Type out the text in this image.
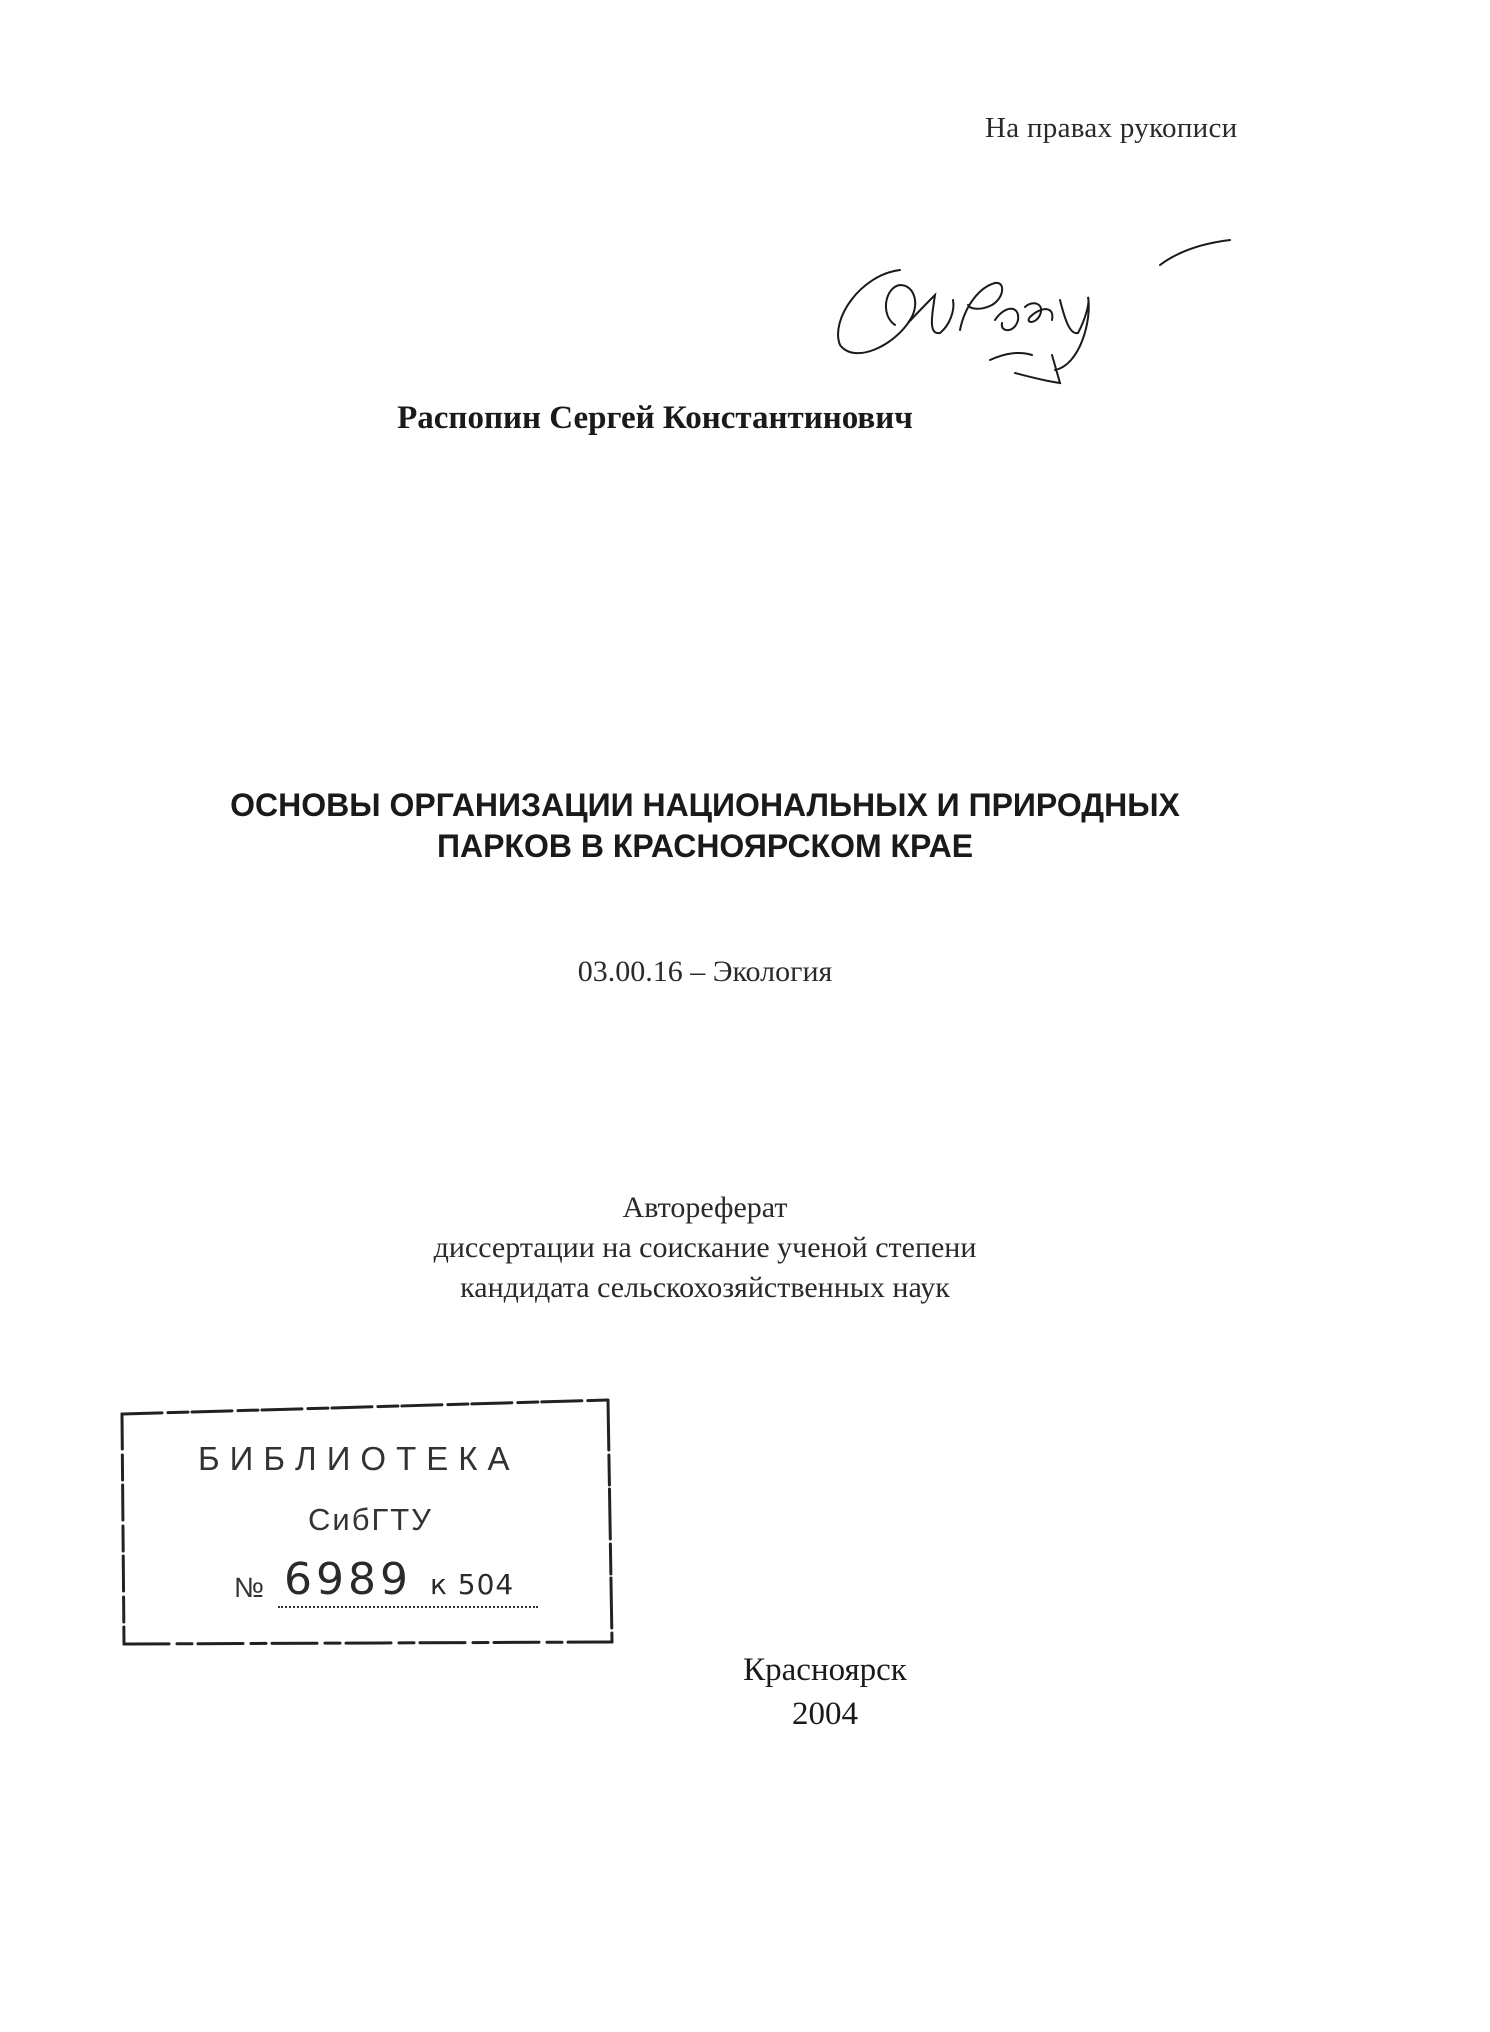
На правах рукописи
Распопин Сергей Константинович
ОСНОВЫ ОРГАНИЗАЦИИ НАЦИОНАЛЬНЫХ И ПРИРОДНЫХ
ПАРКОВ В КРАСНОЯРСКОМ КРАЕ
03.00.16 – Экология
Автореферат
диссертации на соискание ученой степени
кандидата сельскохозяйственных наук
БИБЛИОТЕКА
СибГТУ
№ 6989 к 504
Красноярск
2004
